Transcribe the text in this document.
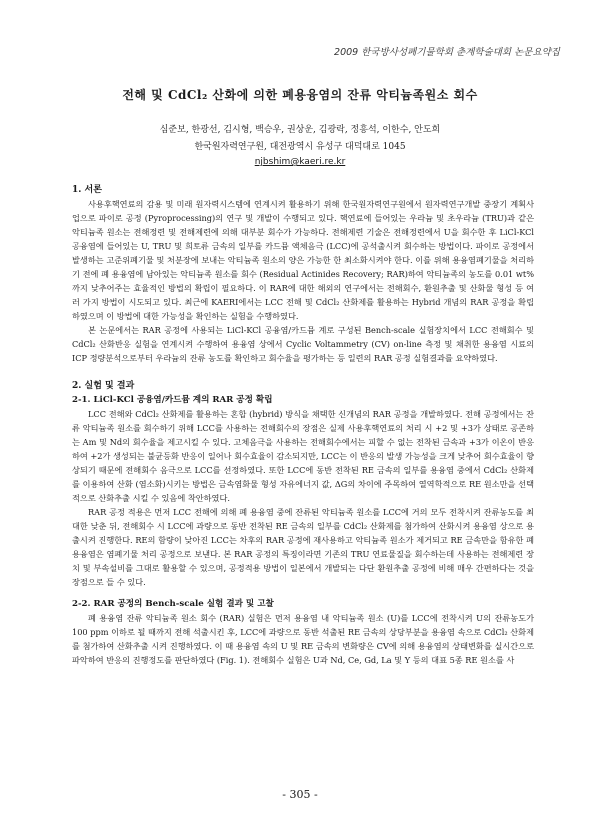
2009 한국방사성폐기물학회 춘계학술대회 논문요약집
전해 및 CdCl₂ 산화에 의한 폐용융염의 잔류 악티늄족원소 회수
심준보, 한광선, 김시형, 백승우, 권상운, 김광락, 정흥석, 이한수, 안도희
한국원자력연구원, 대전광역시 유성구 대덕대로 1045
njbshim@kaeri.re.kr

1. 서론

사용후핵연료의 감용 및 미래 원자력시스템에 연계시켜 활용하기 위해 한국원자력연구원에서 원자력연구개발 중장기 계획사업으로 파이로 공정 (Pyroprocessing)의 연구 및 개발이 수행되고 있다. 핵연료에 들어있는 우라늄 및 초우라늄 (TRU)과 같은 악티늄족 원소는 전해정련 및 전해제련에 의해 대부분 회수가 가능하다. 전해제련 기술은 전해정련에서 U을 회수한 후 LiCl-KCl 공융염에 들어있는 U, TRU 및 희토류 금속의 일부를 카드뮴 액체음극 (LCC)에 공석출시켜 회수하는 방법이다. 파이로 공정에서 발생하는 고준위폐기물 및 처분장에 보내는 악티늄족 원소의 양은 가능한 한 최소화시켜야 한다. 이를 위해 용융염폐기물을 처리하기 전에 폐 용융염에 남아있는 악티늄족 원소를 회수 (Residual Actinides Recovery; RAR)하여 악티늄족의 농도를 0.01 wt%까지 낮추어주는 효율적인 방법의 확립이 필요하다. 이 RAR에 대한 해외의 연구에서는 전해회수, 환원추출 및 산화물 형성 등 여러 가지 방법이 시도되고 있다. 최근에 KAERI에서는 LCC 전해 및 CdCl₂ 산화제를 활용하는 Hybrid 개념의 RAR 공정을 확립하였으며 이 방법에 대한 가능성을 확인하는 실험을 수행하였다.

본 논문에서는 RAR 공정에 사용되는 LiCl-KCl 공융염/카드뮴 계로 구성된 Bench-scale 실험장치에서 LCC 전해회수 및 CdCl₂ 산화반응 실험을 연계시켜 수행하여 용융염 상에서 Cyclic Voltammetry (CV) on-line 측정 및 채취한 용융염 시료의 ICP 정량분석으로부터 우라늄의 잔류 농도를 확인하고 회수율을 평가하는 등 일련의 RAR 공정 실험결과를 요약하였다.

2. 실험 및 결과

2-1. LiCl-KCl 공융염/카드뮴 계의 RAR 공정 확립

LCC 전해와 CdCl₂ 산화제를 활용하는 혼합 (hybrid) 방식을 채택한 신개념의 RAR 공정을 개발하였다. 전해 공정에서는 잔류 악티늄족 원소를 회수하기 위해 LCC를 사용하는 전해회수의 장점은 실제 사용후핵연료의 처리 시 +2 및 +3가 상태로 공존하는 Am 및 Nd의 회수율을 제고시킬 수 있다. 고체음극을 사용하는 전해회수에서는 피할 수 없는 전착된 금속과 +3가 이온이 반응하여 +2가 생성되는 불균등화 반응이 일어나 회수효율이 감소되지만, LCC는 이 반응의 발생 가능성을 크게 낮추어 회수효율이 향상되기 때문에 전해회수 음극으로 LCC를 선정하였다. 또한 LCC에 동반 전착된 RE 금속의 일부를 용융염 중에서 CdCl₂ 산화제를 이용하여 산화 (염소화)시키는 방법은 금속염화물 형성 자유에너지 값, ΔG의 차이에 주목하여 열역학적으로 RE 원소만을 선택적으로 산화추출 시킬 수 있음에 착안하였다.

RAR 공정 적용은 먼저 LCC 전해에 의해 폐 용융염 중에 잔류된 악티늄족 원소를 LCC에 거의 모두 전착시켜 잔류농도를 최대한 낮춘 뒤, 전해회수 시 LCC에 과량으로 동반 전착된 RE 금속의 일부를 CdCl₂ 산화제를 첨가하여 산화시켜 용융염 상으로 용출시켜 진행한다. RE의 함량이 낮아진 LCC는 차후의 RAR 공정에 재사용하고 악티늄족 원소가 제거되고 RE 금속만을 함유한 폐 용융염은 염폐기물 처리 공정으로 보낸다. 본 RAR 공정의 특징이라면 기존의 TRU 연료물질을 회수하는데 사용하는 전해제련 장치 및 부속설비를 그대로 활용할 수 있으며, 공정적용 방법이 일본에서 개발되는 다단 환원추출 공정에 비해 매우 간편하다는 것을 장점으로 들 수 있다.

2-2. RAR 공정의 Bench-scale 실험 결과 및 고찰

폐 용융염 잔류 악티늄족 원소 회수 (RAR) 실험은 먼저 용융염 내 악티늄족 원소 (U)를 LCC에 전착시켜 U의 잔류농도가 100 ppm 이하로 될 때까지 전해 석출시킨 후, LCC에 과량으로 동반 석출된 RE 금속의 상당부분을 용융염 속으로 CdCl₂ 산화제를 첨가하여 산화추출 시켜 진행하였다. 이 때 용융염 속의 U 및 RE 금속의 변화량은 CV에 의해 용융염의 상태변화를 실시간으로 파악하여 반응의 진행정도를 판단하였다 (Fig. 1). 전해회수 실험은 U과 Nd, Ce, Gd, La 및 Y 등의 대표 5종 RE 원소를 사

- 305 -
